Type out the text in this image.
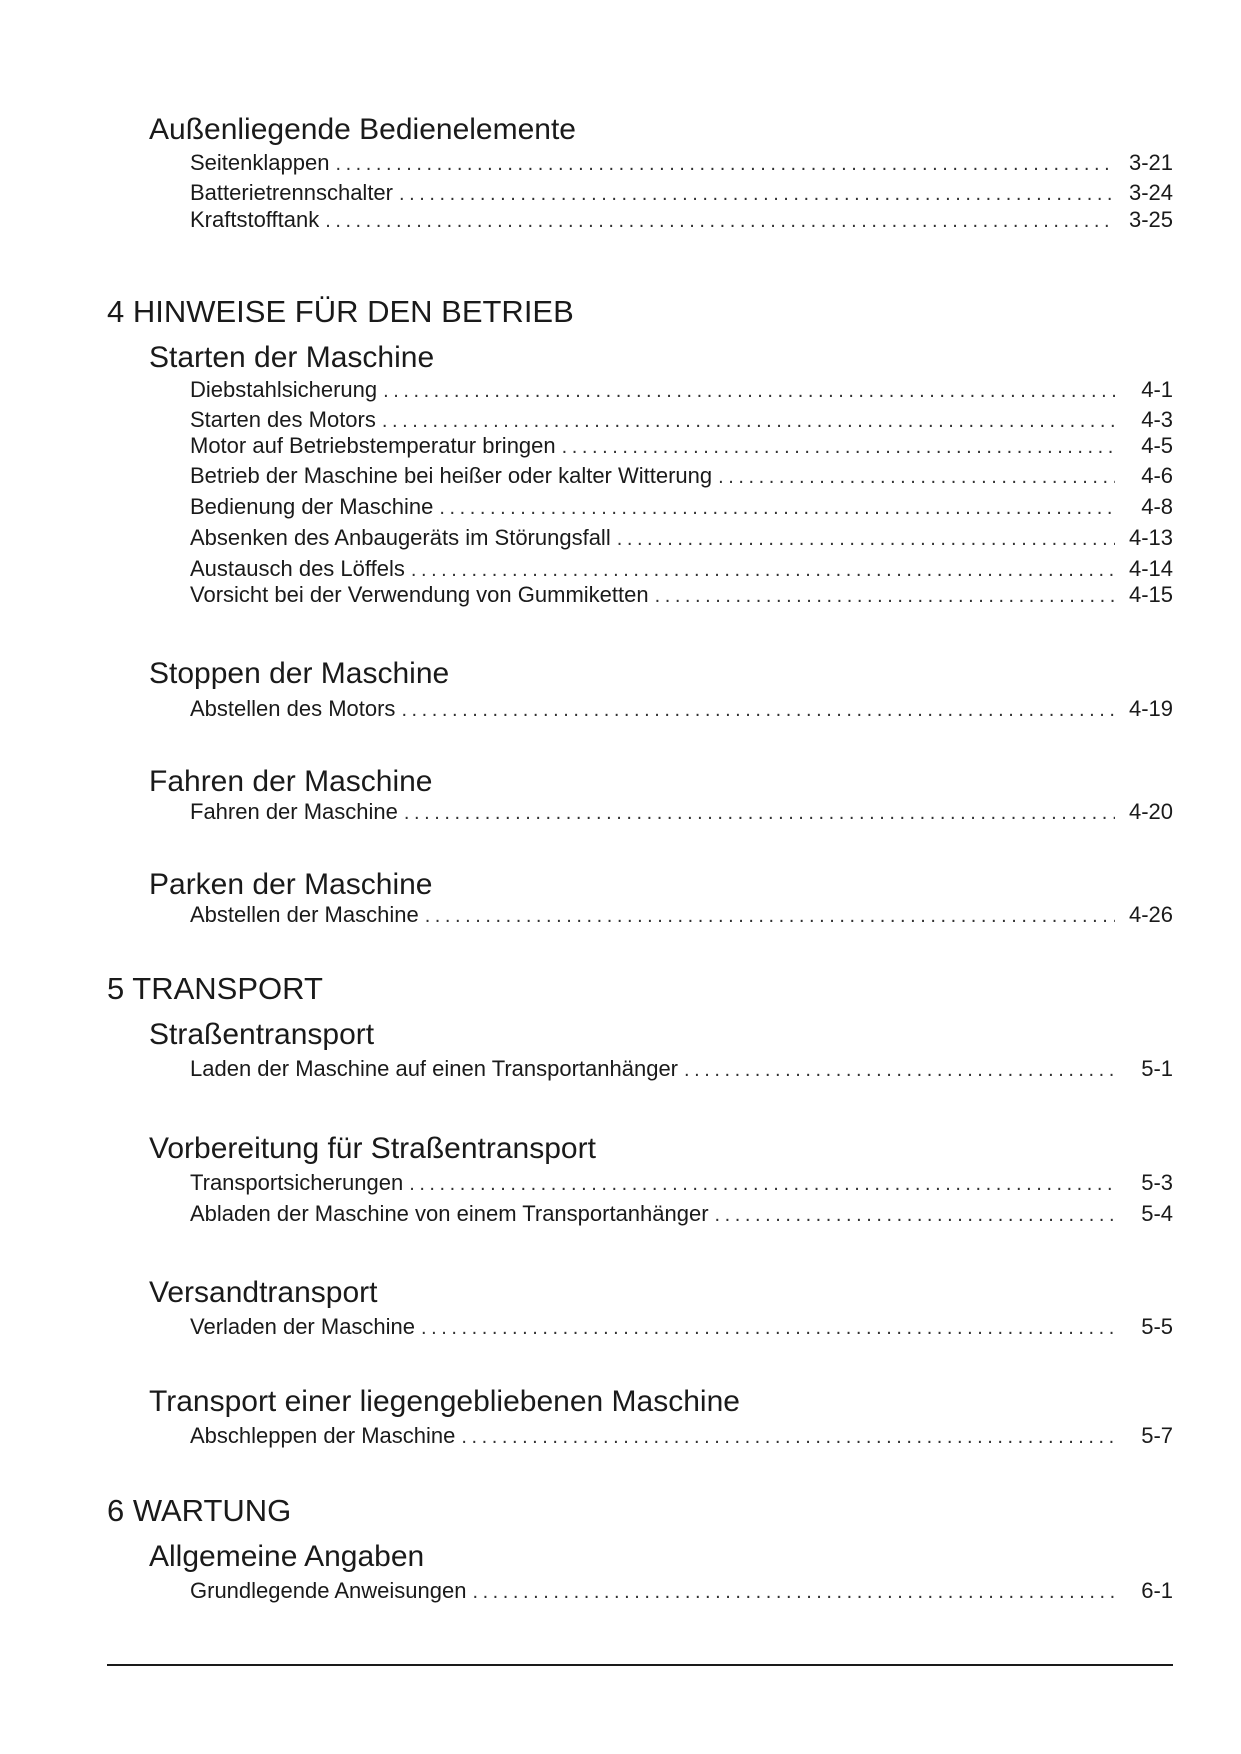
Außenliegende Bedienelemente
Seitenklappen . . .	3-21
Batterietrennschalter . . .	3-24
Kraftstofftank . . .	3-25
4 HINWEISE FÜR DEN BETRIEB
Starten der Maschine
Diebstahlsicherung . . .	4-1
Starten des Motors . . .	4-3
Motor auf Betriebstemperatur bringen . . .	4-5
Betrieb der Maschine bei heißer oder kalter Witterung . . .	4-6
Bedienung der Maschine . . .	4-8
Absenken des Anbaugeräts im Störungsfall . . .	4-13
Austausch des Löffels . . .	4-14
Vorsicht bei der Verwendung von Gummiketten . . .	4-15
Stoppen der Maschine
Abstellen des Motors . . .	4-19
Fahren der Maschine
Fahren der Maschine . . .	4-20
Parken der Maschine
Abstellen der Maschine . . .	4-26
5 TRANSPORT
Straßentransport
Laden der Maschine auf einen Transportanhänger . . .	5-1
Vorbereitung für Straßentransport
Transportsicherungen . . .	5-3
Abladen der Maschine von einem Transportanhänger . . .	5-4
Versandtransport
Verladen der Maschine . . .	5-5
Transport einer liegengebliebenen Maschine
Abschleppen der Maschine . . .	5-7
6 WARTUNG
Allgemeine Angaben
Grundlegende Anweisungen . . .	6-1
